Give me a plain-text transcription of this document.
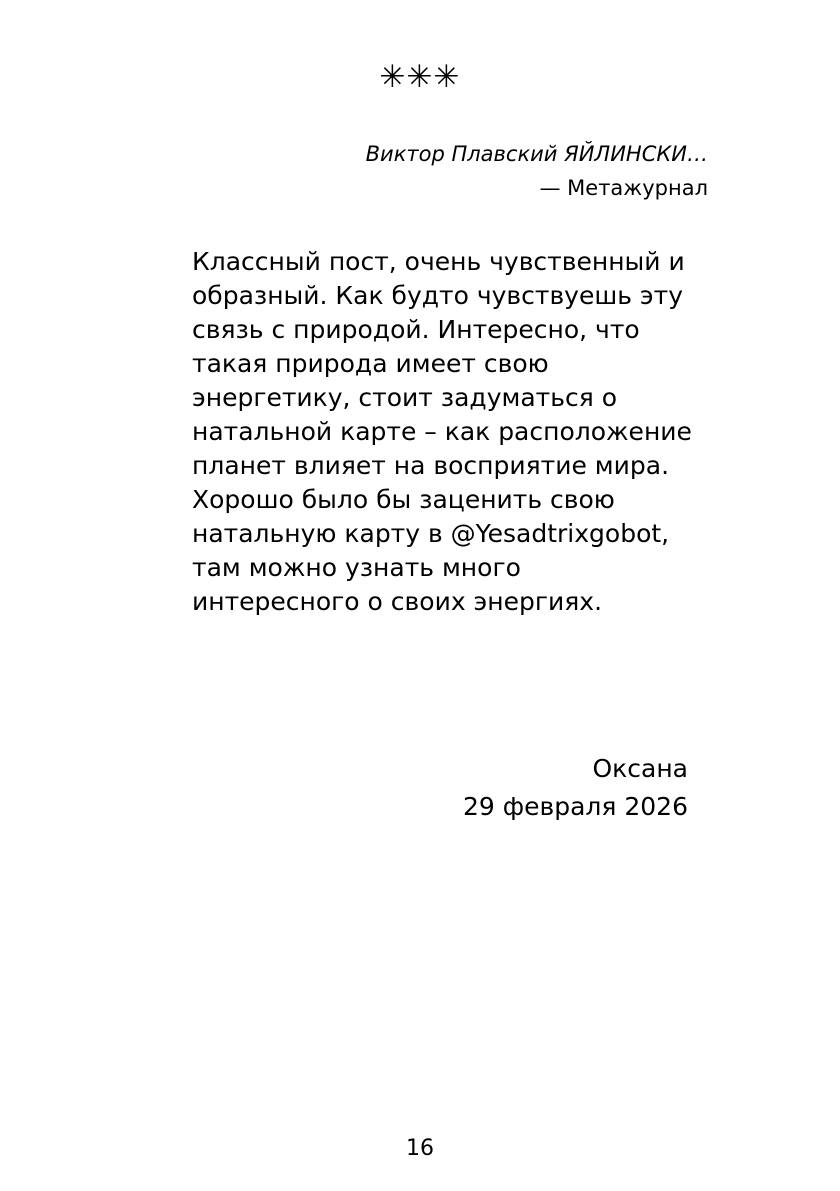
✳✳✳
Виктор Плавский ЯЙЛИНСКИ…
— Метажурнал
Классный пост, очень чувственный и образный. Как будто чувствуешь эту связь с природой. Интересно, что такая природа имеет свою энергетику, стоит задуматься о натальной карте – как расположение планет влияет на восприятие мира. Хорошо было бы заценить свою натальную карту в @Yesadtrixgobot, там можно узнать много интересного о своих энергиях.
Оксана
29 февраля 2026
16
